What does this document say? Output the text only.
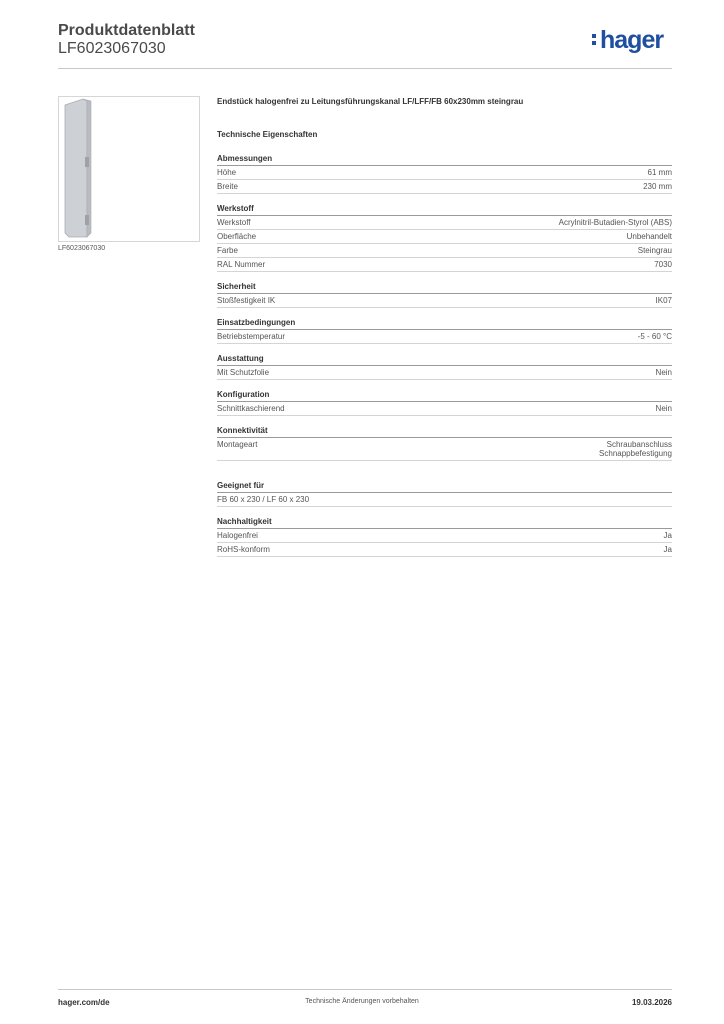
Produktdatenblatt
LF6023067030	hager
LF6023067030
Endstück halogenfrei zu Leitungsführungskanal LF/LFF/FB 60x230mm steingrau
Technische Eigenschaften
Abmessungen
Höhe	61 mm
Breite	230 mm
Werkstoff
Werkstoff	Acrylnitril-Butadien-Styrol (ABS)
Oberfläche	Unbehandelt
Farbe	Steingrau
RAL Nummer	7030
Sicherheit
Stoßfestigkeit IK	IK07
Einsatzbedingungen
Betriebstemperatur	-5 - 60 °C
Ausstattung
Mit Schutzfolie	Nein
Konfiguration
Schnittkaschierend	Nein
Konnektivität
Montageart	Schraubanschluss
Schnappbefestigung
Geeignet für
FB 60 x 230 / LF 60 x 230
Nachhaltigkeit
Halogenfrei	Ja
RoHS-konform	Ja
hager.com/de	Technische Änderungen vorbehalten	19.03.2026
